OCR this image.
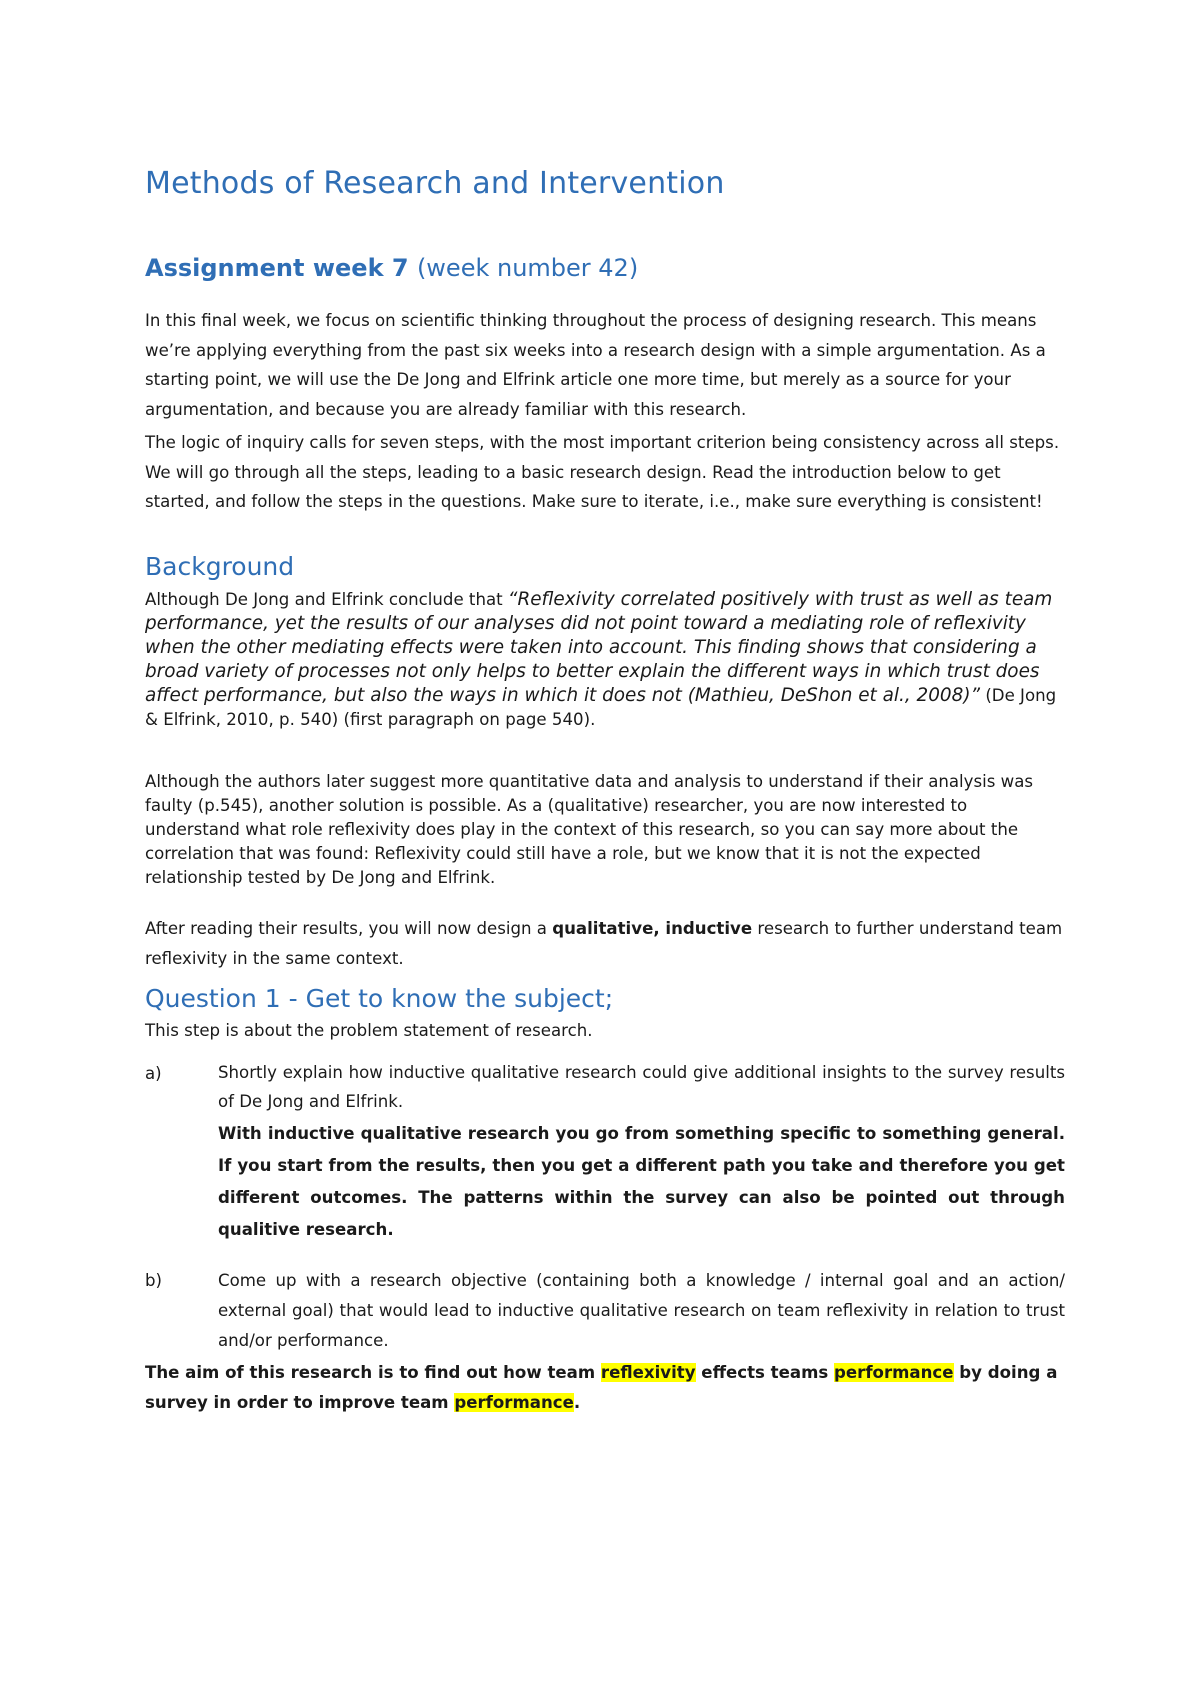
Methods of Research and Intervention
Assignment week 7 (week number 42)

In this final week, we focus on scientific thinking throughout the process of designing research. This means we’re applying everything from the past six weeks into a research design with a simple argumentation. As a starting point, we will use the De Jong and Elfrink article one more time, but merely as a source for your argumentation, and because you are already familiar with this research.

The logic of inquiry calls for seven steps, with the most important criterion being consistency across all steps. We will go through all the steps, leading to a basic research design. Read the introduction below to get started, and follow the steps in the questions. Make sure to iterate, i.e., make sure everything is consistent!

Background

Although De Jong and Elfrink conclude that “Reflexivity correlated positively with trust as well as team performance, yet the results of our analyses did not point toward a mediating role of reflexivity when the other mediating effects were taken into account. This finding shows that considering a broad variety of processes not only helps to better explain the different ways in which trust does affect performance, but also the ways in which it does not (Mathieu, DeShon et al., 2008)” (De Jong & Elfrink, 2010, p. 540) (first paragraph on page 540).

Although the authors later suggest more quantitative data and analysis to understand if their analysis was faulty (p.545), another solution is possible. As a (qualitative) researcher, you are now interested to understand what role reflexivity does play in the context of this research, so you can say more about the correlation that was found: Reflexivity could still have a role, but we know that it is not the expected relationship tested by De Jong and Elfrink.

After reading their results, you will now design a qualitative, inductive research to further understand team reflexivity in the same context.

Question 1 - Get to know the subject;

This step is about the problem statement of research.

a)	Shortly explain how inductive qualitative research could give additional insights to the survey results of De Jong and Elfrink.
With inductive qualitative research you go from something specific to something general. If you start from the results, then you get a different path you take and therefore you get different outcomes. The patterns within the survey can also be pointed out through qualitive research.
b)	Come up with a research objective (containing both a knowledge / internal goal and an action/ external goal) that would lead to inductive qualitative research on team reflexivity in relation to trust and/or performance.

The aim of this research is to find out how team reflexivity effects teams performance by doing a survey in order to improve team performance.
